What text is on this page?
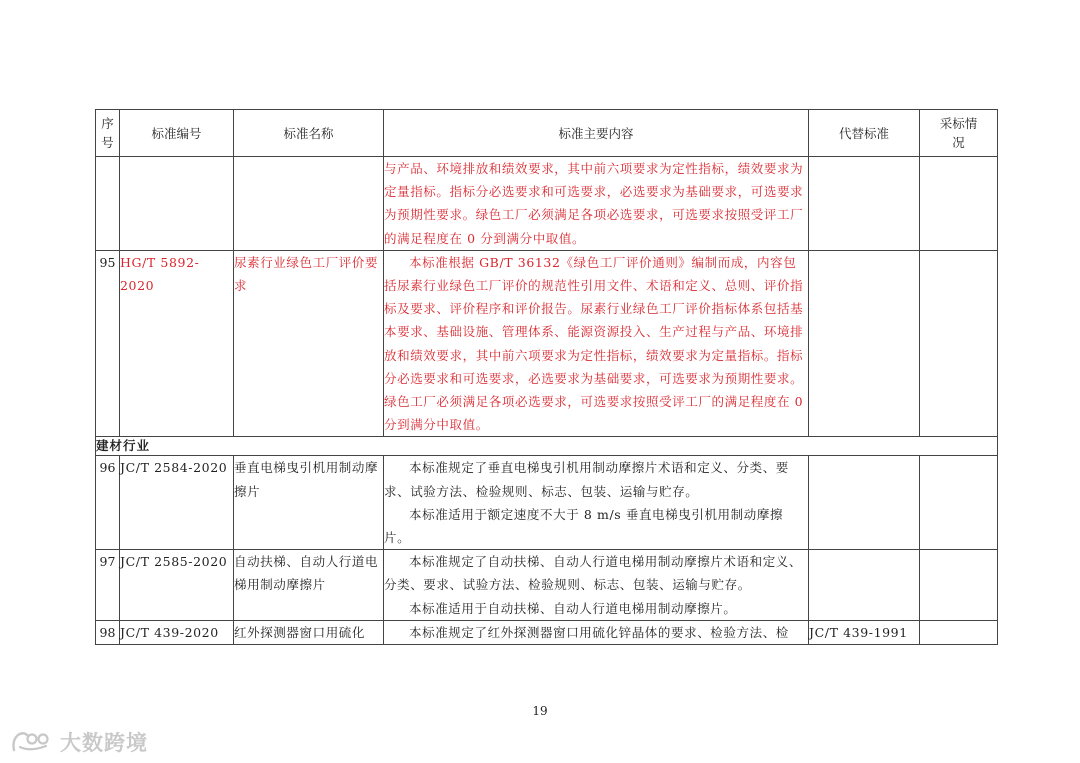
序号	标准编号	标准名称	标准主要内容	代替标准	采标情况

			与产品、环境排放和绩效要求，其中前六项要求为定性指标，绩效要求为定量指标。指标分必选要求和可选要求，必选要求为基础要求，可选要求为预期性要求。绿色工厂必须满足各项必选要求，可选要求按照受评工厂的满足程度在 0 分到满分中取值。		

95	HG/T 5892-2020	尿素行业绿色工厂评价要求	本标准根据 GB/T 36132《绿色工厂评价通则》编制而成，内容包括尿素行业绿色工厂评价的规范性引用文件、术语和定义、总则、评价指标及要求、评价程序和评价报告。尿素行业绿色工厂评价指标体系包括基本要求、基础设施、管理体系、能源资源投入、生产过程与产品、环境排放和绩效要求，其中前六项要求为定性指标，绩效要求为定量指标。指标分必选要求和可选要求，必选要求为基础要求，可选要求为预期性要求。绿色工厂必须满足各项必选要求，可选要求按照受评工厂的满足程度在 0 分到满分中取值。		

建材行业					
96	JC/T 2584-2020	垂直电梯曳引机用制动摩擦片	本标准规定了垂直电梯曳引机用制动摩擦片术语和定义、分类、要求、试验方法、检验规则、标志、包装、运输与贮存。

本标准适用于额定速度不大于 8 m/s 垂直电梯曳引机用制动摩擦片。		

97	JC/T 2585-2020	自动扶梯、自动人行道电梯用制动摩擦片	本标准规定了自动扶梯、自动人行道电梯用制动摩擦片术语和定义、分类、要求、试验方法、检验规则、标志、包装、运输与贮存。

本标准适用于自动扶梯、自动人行道电梯用制动摩擦片。		

98	JC/T 439-2020	红外探测器窗口用硫化	本标准规定了红外探测器窗口用硫化锌晶体的要求、检验方法、检	JC/T 439-1991	
19
大数跨境
